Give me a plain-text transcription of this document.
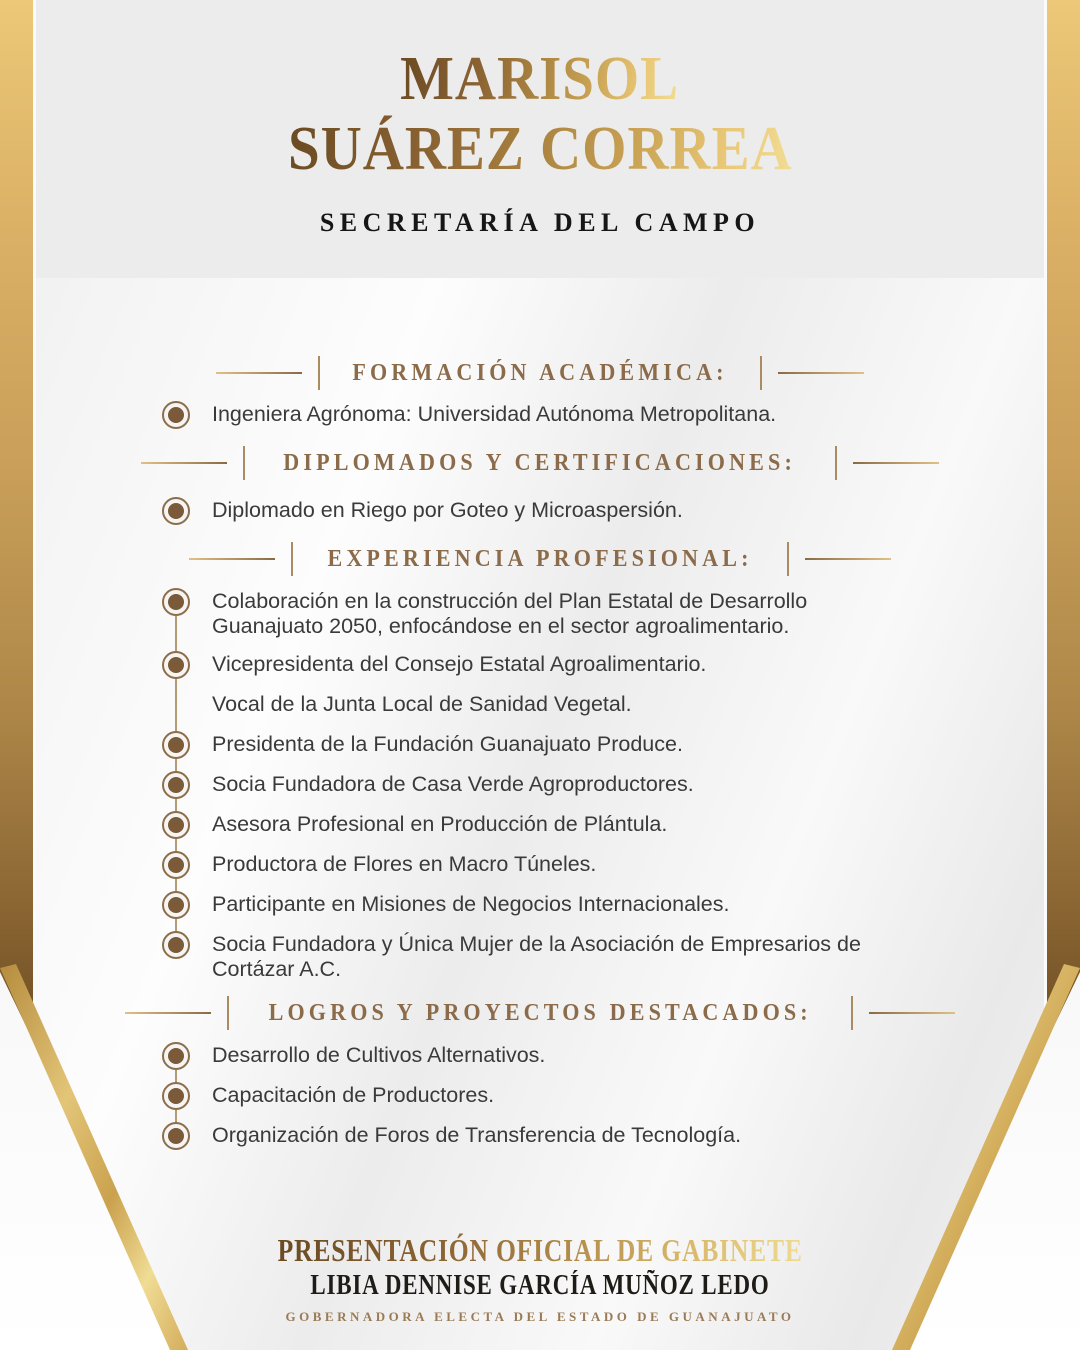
MARISOL
SUÁREZ CORREA
SECRETARÍA DEL CAMPO
FORMACIÓN ACADÉMICA:
Ingeniera Agrónoma: Universidad Autónoma Metropolitana.
DIPLOMADOS Y CERTIFICACIONES:
Diplomado en Riego por Goteo y Microaspersión.
EXPERIENCIA PROFESIONAL:
Colaboración en la construcción del Plan Estatal de Desarrollo Guanajuato 2050, enfocándose en el sector agroalimentario.
Vicepresidenta del Consejo Estatal Agroalimentario.
Vocal de la Junta Local de Sanidad Vegetal.
Presidenta de la Fundación Guanajuato Produce.
Socia Fundadora de Casa Verde Agroproductores.
Asesora Profesional en Producción de Plántula.
Productora de Flores en Macro Túneles.
Participante en Misiones de Negocios Internacionales.
Socia Fundadora y Única Mujer de la Asociación de Empresarios de Cortázar A.C.
LOGROS Y PROYECTOS DESTACADOS:
Desarrollo de Cultivos Alternativos.
Capacitación de Productores.
Organización de Foros de Transferencia de Tecnología.
PRESENTACIÓN OFICIAL DE GABINETE
LIBIA DENNISE GARCÍA MUÑOZ LEDO
GOBERNADORA ELECTA DEL ESTADO DE GUANAJUATO
